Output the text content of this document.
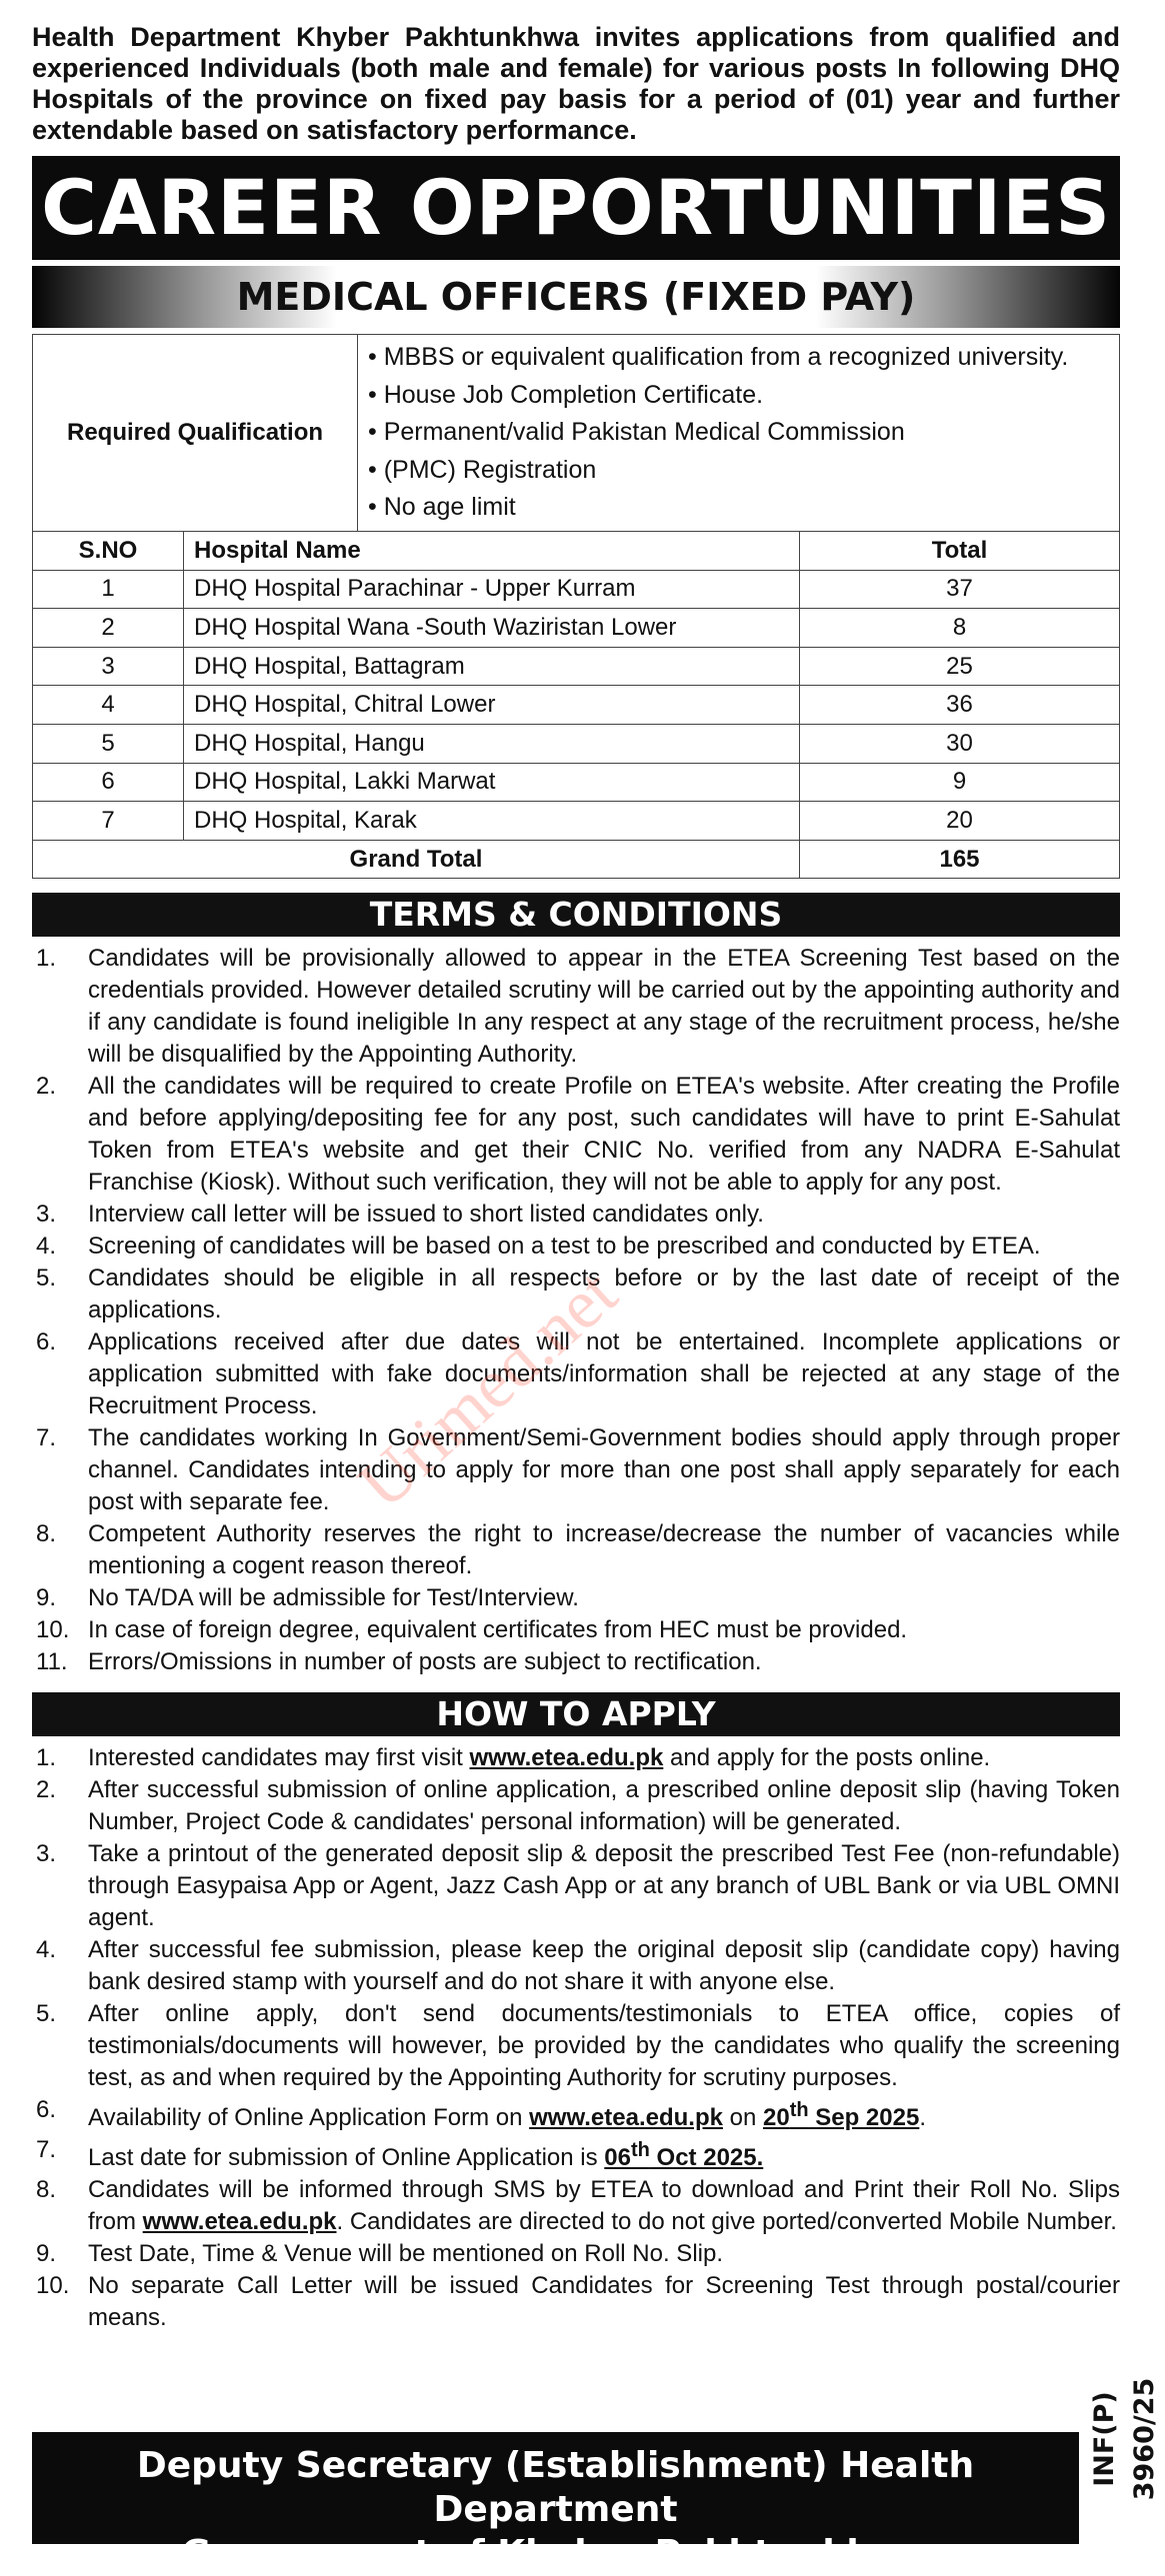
Health Department Khyber Pakhtunkhwa invites applications from qualified and experienced Individuals (both male and female) for various posts In following DHQ Hospitals of the province on fixed pay basis for a period of (01) year and further extendable based on satisfactory performance.

CAREER OPPORTUNITIES
MEDICAL OFFICERS (FIXED PAY)
Required Qualification	
• MBBS or equivalent qualification from a recognized university.
• House Job Completion Certificate.
• Permanent/valid Pakistan Medical Commission
• (PMC) Registration
• No age limit
S.NO	Hospital Name	Total
1	DHQ Hospital Parachinar - Upper Kurram	37
2	DHQ Hospital Wana -South Waziristan Lower	8
3	DHQ Hospital, Battagram	25
4	DHQ Hospital, Chitral Lower	36
5	DHQ Hospital, Hangu	30
6	DHQ Hospital, Lakki Marwat	9
7	DHQ Hospital, Karak	20
Grand Total		165
TERMS & CONDITIONS
1. Candidates will be provisionally allowed to appear in the ETEA Screening Test based on the credentials provided. However detailed scrutiny will be carried out by the appointing authority and if any candidate is found ineligible In any respect at any stage of the recruitment process, he/she will be disqualified by the Appointing Authority.
2. All the candidates will be required to create Profile on ETEA's website. After creating the Profile and before applying/depositing fee for any post, such candidates will have to print E-Sahulat Token from ETEA's website and get their CNIC No. verified from any NADRA E-Sahulat Franchise (Kiosk). Without such verification, they will not be able to apply for any post.
3. Interview call letter will be issued to short listed candidates only.
4. Screening of candidates will be based on a test to be prescribed and conducted by ETEA.
5. Candidates should be eligible in all respects before or by the last date of receipt of the applications.
6. Applications received after due dates will not be entertained. Incomplete applications or application submitted with fake documents/information shall be rejected at any stage of the Recruitment Process.
7. The candidates working In Government/Semi-Government bodies should apply through proper channel. Candidates intending to apply for more than one post shall apply separately for each post with separate fee.
8. Competent Authority reserves the right to increase/decrease the number of vacancies while mentioning a cogent reason thereof.
9. No TA/DA will be admissible for Test/Interview.
10. In case of foreign degree, equivalent certificates from HEC must be provided.
11. Errors/Omissions in number of posts are subject to rectification.
HOW TO APPLY
1. Interested candidates may first visit www.etea.edu.pk and apply for the posts online.
2. After successful submission of online application, a prescribed online deposit slip (having Token Number, Project Code & candidates' personal information) will be generated.
3. Take a printout of the generated deposit slip & deposit the prescribed Test Fee (non-refundable) through Easypaisa App or Agent, Jazz Cash App or at any branch of UBL Bank or via UBL OMNI agent.
4. After successful fee submission, please keep the original deposit slip (candidate copy) having bank desired stamp with yourself and do not share it with anyone else.
5. After online apply, don't send documents/testimonials to ETEA office, copies of testimonials/documents will however, be provided by the candidates who qualify the screening test, as and when required by the Appointing Authority for scrutiny purposes.
6. Availability of Online Application Form on www.etea.edu.pk on 20th Sep 2025.
7. Last date for submission of Online Application is 06th Oct 2025.
8. Candidates will be informed through SMS by ETEA to download and Print their Roll No. Slips from www.etea.edu.pk. Candidates are directed to do not give ported/converted Mobile Number.
9. Test Date, Time & Venue will be mentioned on Roll No. Slip.
10. No separate Call Letter will be issued Candidates for Screening Test through postal/courier means.
Urimed.net
INF(P) 3960/25
Deputy Secretary (Establishment) Health Department
Government of Khyber Pakhtunkhwa
